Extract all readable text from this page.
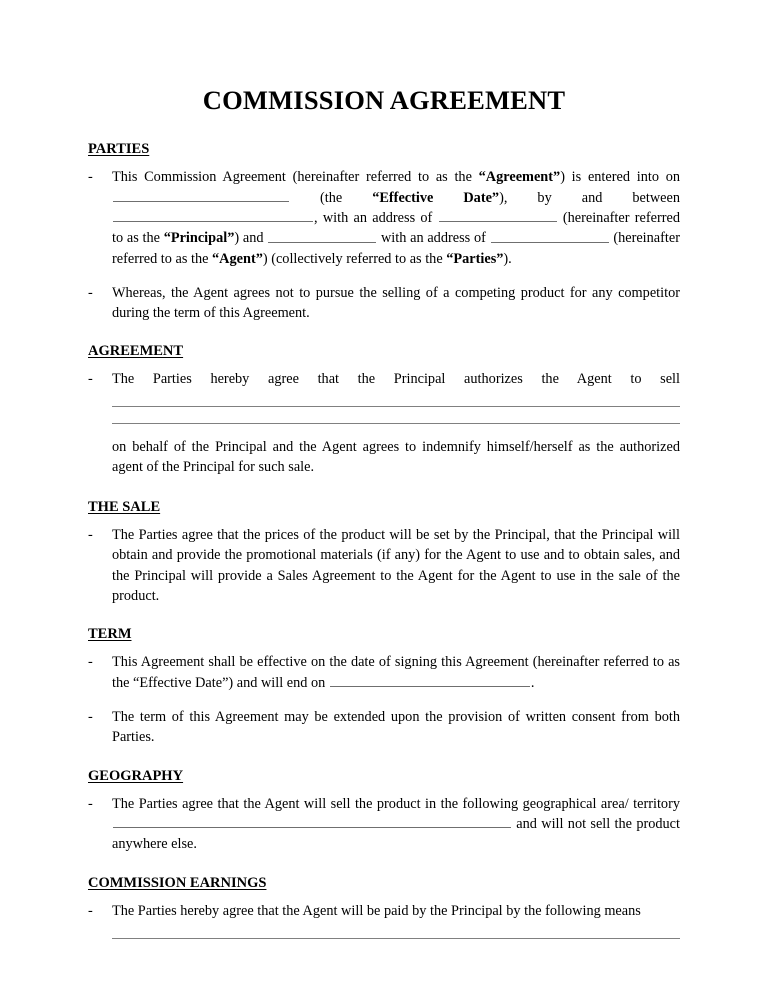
COMMISSION AGREEMENT
PARTIES
-	This Commission Agreement (hereinafter referred to as the “Agreement”) is entered into on  (the “Effective Date”), by and between , with an address of	(hereinafter referred to as the “Principal”) and	with an address of	(hereinafter referred to as the “Agent”) (collectively referred to as the “Parties”).
-	Whereas, the Agent agrees not to pursue the selling of a competing product for any competitor during the term of this Agreement.
AGREEMENT
-	The Parties hereby agree that the Principal authorizes the Agent to sell
on behalf of the Principal and the Agent agrees to indemnify himself/herself as the authorized agent of the Principal for such sale.
THE SALE
-	The Parties agree that the prices of the product will be set by the Principal, that the Principal will obtain and provide the promotional materials (if any) for the Agent to use and to obtain sales, and the Principal will provide a Sales Agreement to the Agent for the Agent to use in the sale of the product.
TERM
-	This Agreement shall be effective on the date of signing this Agreement (hereinafter referred to as the “Effective Date”) and will end on	.
-	The term of this Agreement may be extended upon the provision of written consent from both Parties.
GEOGRAPHY
-	The Parties agree that the Agent will sell the product in the following geographical area/ territory  and will not sell the product anywhere else.
COMMISSION EARNINGS
-	The Parties hereby agree that the Agent will be paid by the Principal by the following means
